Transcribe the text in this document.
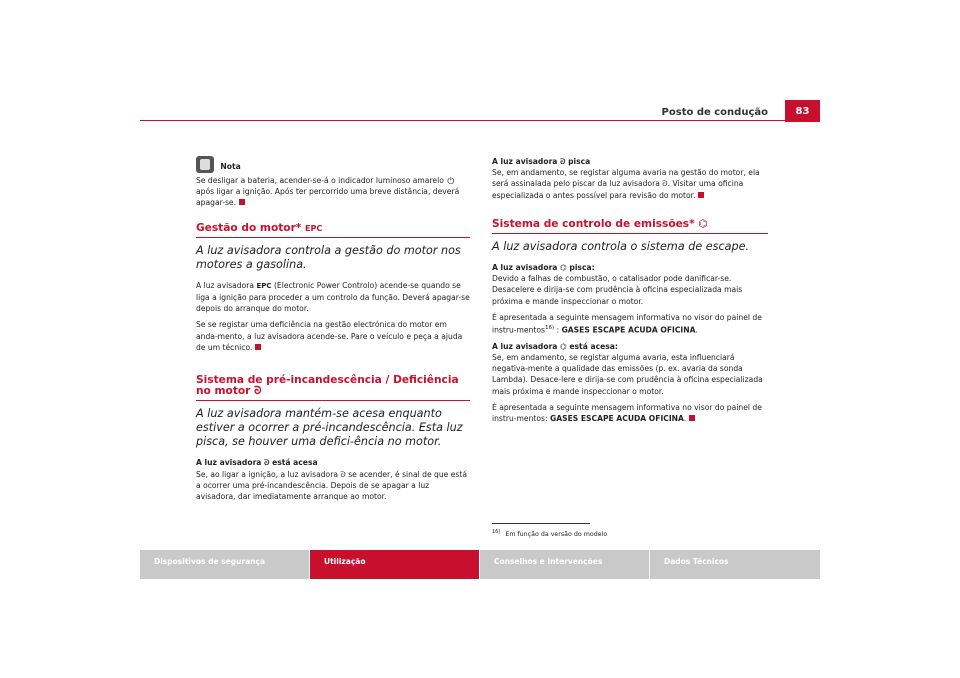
Posto de condução	83
Nota

Se desligar a bateria, acender-se-á o indicador luminoso amarelo ⏻ após ligar a ignição. Após ter percorrido uma breve distância, deverá apagar-se.

Gestão do motor* EPC
A luz avisadora controla a gestão do motor nos motores a gasolina.

A luz avisadora EPC (Electronic Power Controlo) acende-se quando se liga a ignição para proceder a um controlo da função. Deverá apagar-se depois do arranque do motor.

Se se registar uma deficiência na gestão electrónica do motor em anda-mento, a luz avisadora acende-se. Pare o veículo e peça a ajuda de um técnico.

Sistema de pré-incandescência / Deficiência no motor ᘐ
A luz avisadora mantém-se acesa enquanto estiver a ocorrer a pré-incandescência. Esta luz pisca, se houver uma defici-ência no motor.

A luz avisadora ᘐ está acesa

Se, ao ligar a ignição, a luz avisadora ᘐ se acender, é sinal de que está a ocorrer uma pré-incandescência. Depois de se apagar a luz avisadora, dar imediatamente arranque ao motor.

A luz avisadora ᘐ pisca

Se, em andamento, se registar alguma avaria na gestão do motor, ela será assinalada pelo piscar da luz avisadora ᘐ. Visitar uma oficina especializada o antes possível para revisão do motor.

Sistema de controlo de emissões* ⌬
A luz avisadora controla o sistema de escape.

A luz avisadora ⌬ pisca:

Devido a falhas de combustão, o catalisador pode danificar-se. Desacelere e dirija-se com prudência à oficina especializada mais próxima e mande inspeccionar o motor.

É apresentada a seguinte mensagem informativa no visor do painel de instru-mentos$^{16)}$ : GASES ESCAPE ACUDA OFICINA.

A luz avisadora ⌬ está acesa:

Se, em andamento, se registar alguma avaria, esta influenciará negativa-mente a qualidade das emissões (p. ex. avaria da sonda Lambda). Desace-lere e dirija-se com prudência à oficina especializada mais próxima e mande inspeccionar o motor.

É apresentada a seguinte mensagem informativa no visor do painel de instru-mentos: GASES ESCAPE ACUDA OFICINA.

$^{16)}$ Em função da versão do modelo
Dispositivos de segurança	Utilização	Conselhos e Intervenções	Dados Técnicos
